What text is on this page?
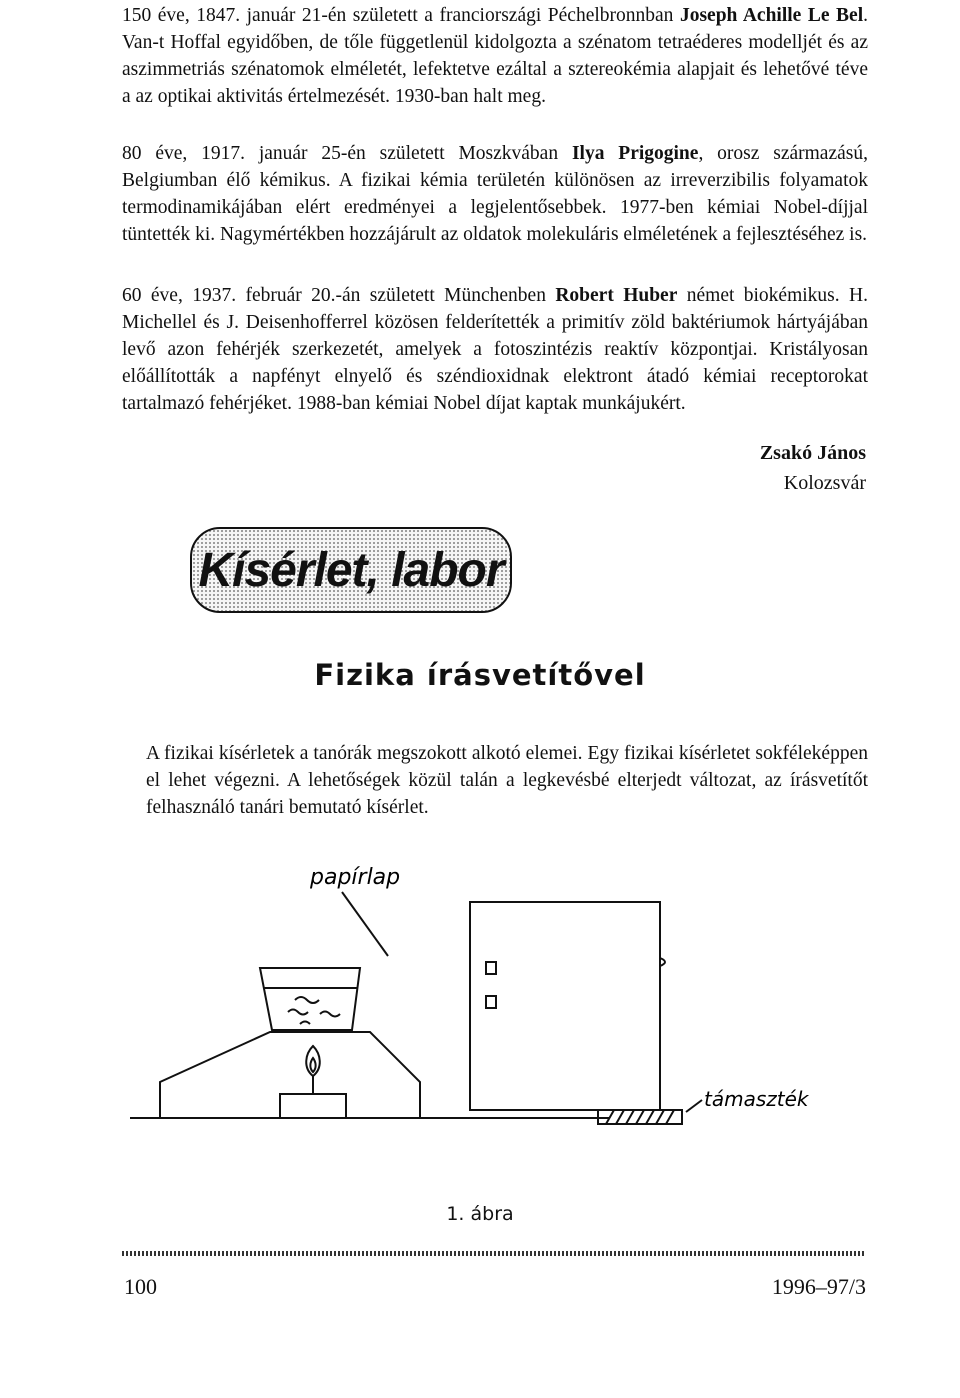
150 éve, 1847. január 21-én született a franciországi Péchelbronnban Joseph Achille Le Bel. Van-t Hoffal egyidőben, de tőle függetlenül kidolgozta a szénatom tetraéderes modelljét és az aszimmetriás szénatomok elméletét, lefektetve ezáltal a sztereokémia alapjait és lehetővé téve a az optikai aktivitás értelmezését. 1930-ban halt meg.

80 éve, 1917. január 25-én született Moszkvában Ilya Prigogine, orosz származású, Belgiumban élő kémikus. A fizikai kémia területén különösen az irreverzibilis folyamatok termodinamikájában elért eredményei a legjelentősebbek. 1977-ben kémiai Nobel-díjjal tüntették ki. Nagymértékben hozzájárult az oldatok molekuláris elméletének a fejlesztéséhez is.

60 éve, 1937. február 20.-án született Münchenben Robert Huber német biokémikus. H. Michellel és J. Deisenhofferrel közösen felderítették a primitív zöld baktériumok hártyájában levő azon fehérjék szerkezetét, amelyek a fotoszintézis reaktív központjai. Kristályosan előállították a napfényt elnyelő és széndioxidnak elektront átadó kémiai receptorokat tartalmazó fehérjéket. 1988-ban kémiai Nobel díjat kaptak munkájukért.

Zsakó János
Kolozsvár
Kísérlet, labor
Fizika írásvetítővel

A fizikai kísérletek a tanórák megszokott alkotó elemei. Egy fizikai kísérletet sokféleképpen el lehet végezni. A lehetőségek közül talán a legkevésbé elterjedt változat, az írásvetítőt felhasználó tanári bemutató kísérlet.

papírlap
támaszték
1. ábra
100	1996–97/3
